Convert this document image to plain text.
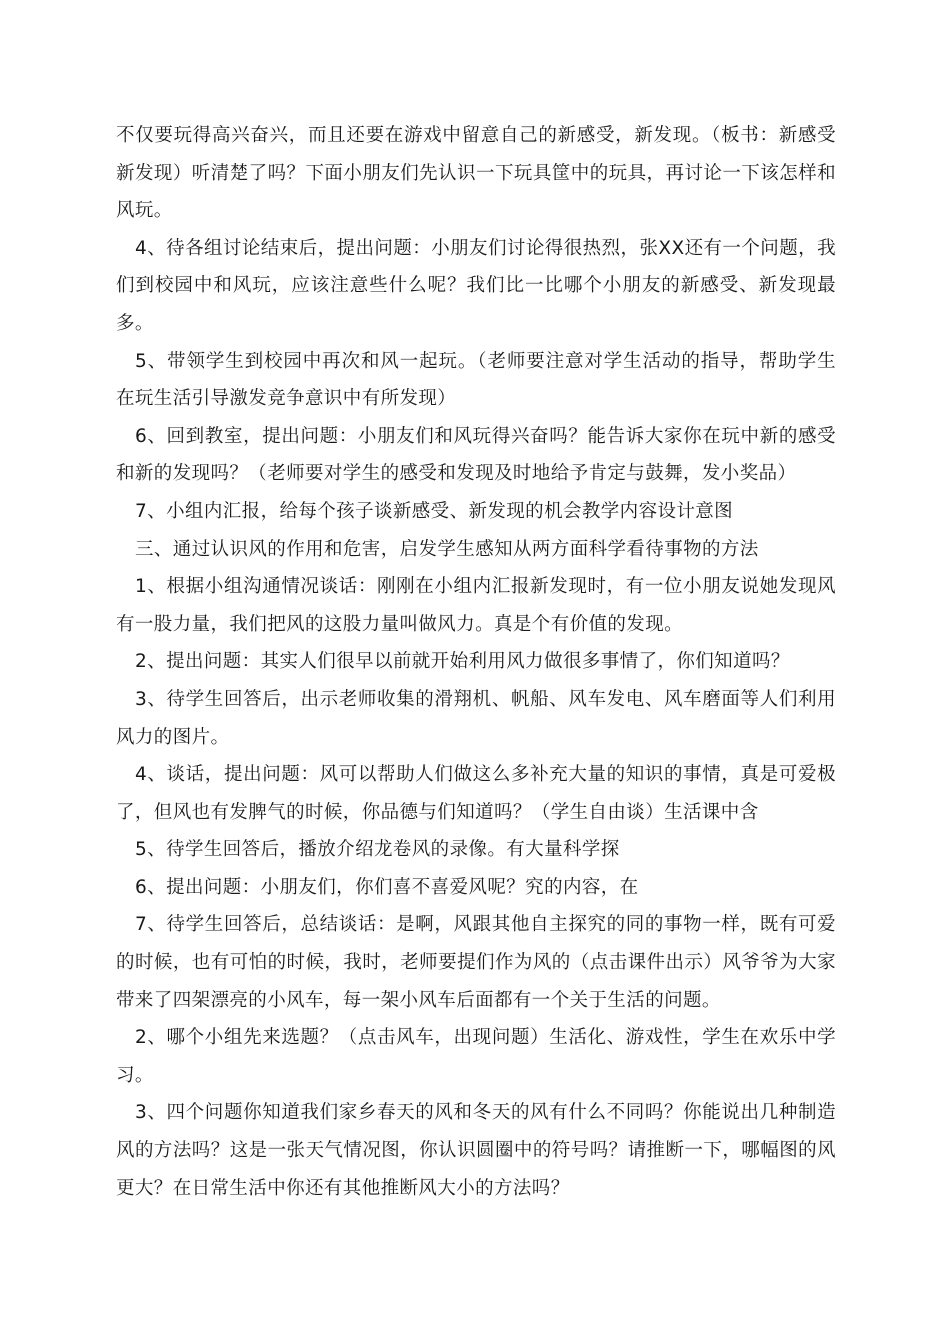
不仅要玩得高兴奋兴，而且还要在游戏中留意自己的新感受，新发现。（板书：新感受新发现）听清楚了吗？下面小朋友们先认识一下玩具筐中的玩具，再讨论一下该怎样和风玩。

4、待各组讨论结束后，提出问题：小朋友们讨论得很热烈，张XX还有一个问题，我们到校园中和风玩，应该注意些什么呢？我们比一比哪个小朋友的新感受、新发现最多。

5、带领学生到校园中再次和风一起玩。（老师要注意对学生活动的指导，帮助学生在玩生活引导激发竞争意识中有所发现）

6、回到教室，提出问题：小朋友们和风玩得兴奋吗？能告诉大家你在玩中新的感受和新的发现吗？（老师要对学生的感受和发现及时地给予肯定与鼓舞，发小奖品）

7、小组内汇报，给每个孩子谈新感受、新发现的机会教学内容设计意图

三、通过认识风的作用和危害，启发学生感知从两方面科学看待事物的方法

1、根据小组沟通情况谈话：刚刚在小组内汇报新发现时，有一位小朋友说她发现风有一股力量，我们把风的这股力量叫做风力。真是个有价值的发现。

2、提出问题：其实人们很早以前就开始利用风力做很多事情了，你们知道吗？

3、待学生回答后，出示老师收集的滑翔机、帆船、风车发电、风车磨面等人们利用风力的图片。

4、谈话，提出问题：风可以帮助人们做这么多补充大量的知识的事情，真是可爱极了，但风也有发脾气的时候，你品德与们知道吗？（学生自由谈）生活课中含

5、待学生回答后，播放介绍龙卷风的录像。有大量科学探

6、提出问题：小朋友们，你们喜不喜爱风呢？究的内容，在

7、待学生回答后，总结谈话：是啊，风跟其他自主探究的同的事物一样，既有可爱的时候，也有可怕的时候，我时，老师要提们作为风的（点击课件出示）风爷爷为大家带来了四架漂亮的小风车，每一架小风车后面都有一个关于生活的问题。

2、哪个小组先来选题？（点击风车，出现问题）生活化、游戏性，学生在欢乐中学习。

3、四个问题你知道我们家乡春天的风和冬天的风有什么不同吗？你能说出几种制造风的方法吗？这是一张天气情况图，你认识圆圈中的符号吗？请推断一下，哪幅图的风更大？在日常生活中你还有其他推断风大小的方法吗？
